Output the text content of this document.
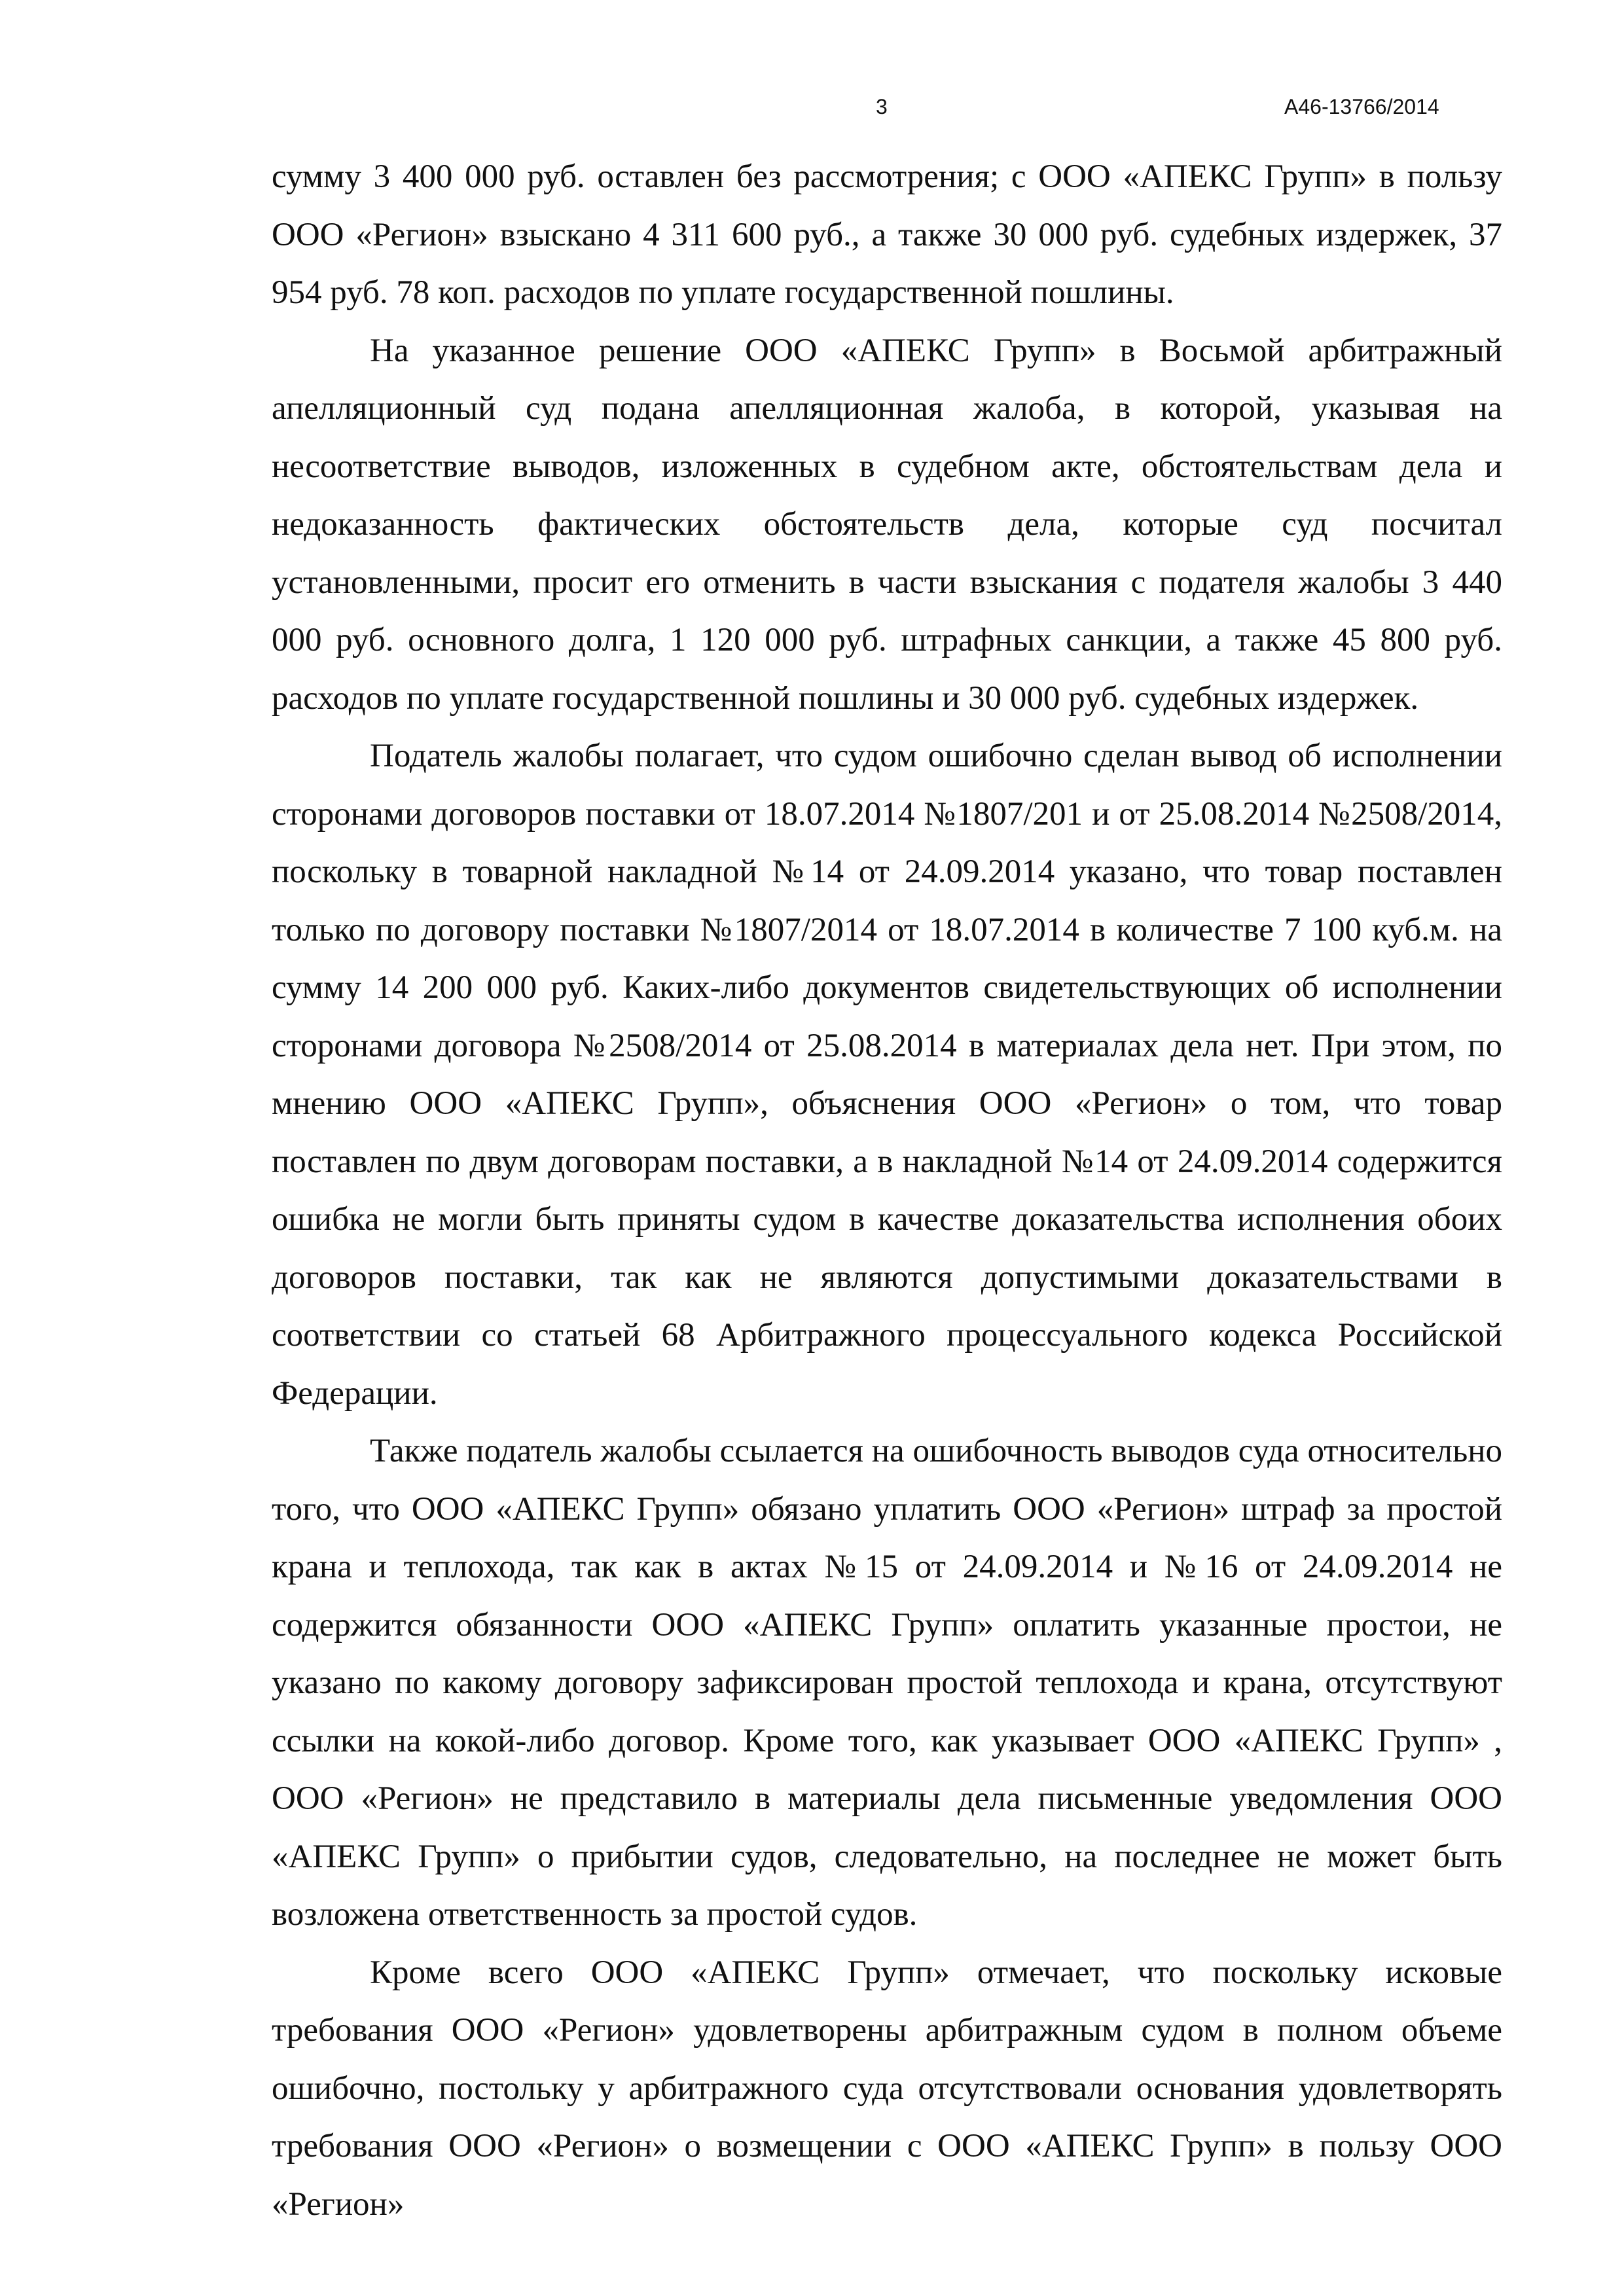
3	А46-13766/2014

сумму 3 400 000 руб. оставлен без рассмотрения; с ООО «АПЕКС Групп» в пользу ООО «Регион» взыскано 4 311 600 руб., а также 30 000 руб. судебных издержек, 37 954 руб. 78 коп. расходов по уплате государственной пошлины.

На указанное решение ООО «АПЕКС Групп» в Восьмой арбитражный апелляционный суд подана апелляционная жалоба, в которой, указывая на несоответствие выводов, изложенных в судебном акте, обстоятельствам дела и недоказанность фактических обстоятельств дела, которые суд посчитал установленными, просит его отменить в части взыскания с подателя жалобы 3 440 000 руб. основного долга, 1 120 000 руб. штрафных санкции, а также 45 800 руб. расходов по уплате государственной пошлины и 30 000 руб. судебных издержек.

Податель жалобы полагает, что судом ошибочно сделан вывод об исполнении сторонами договоров поставки от 18.07.2014 №1807/201 и от 25.08.2014 №2508/2014, поскольку в товарной накладной №14 от 24.09.2014 указано, что товар поставлен только по договору поставки №1807/2014 от 18.07.2014 в количестве 7 100 куб.м. на сумму 14 200 000 руб. Каких-либо документов свидетельствующих об исполнении сторонами договора №2508/2014 от 25.08.2014 в материалах дела нет. При этом, по мнению ООО «АПЕКС Групп», объяснения ООО «Регион» о том, что товар поставлен по двум договорам поставки, а в накладной №14 от 24.09.2014 содержится ошибка не могли быть приняты судом в качестве доказательства исполнения обоих договоров поставки, так как не являются допустимыми доказательствами в соответствии со статьей 68 Арбитражного процессуального кодекса Российской Федерации.

Также податель жалобы ссылается на ошибочность выводов суда относительно того, что ООО «АПЕКС Групп» обязано уплатить ООО «Регион» штраф за простой крана и теплохода, так как в актах №15 от 24.09.2014 и №16 от 24.09.2014 не содержится обязанности ООО «АПЕКС Групп» оплатить указанные простои, не указано по какому договору зафиксирован простой теплохода и крана, отсутствуют ссылки на кокой-либо договор. Кроме того, как указывает ООО «АПЕКС Групп» , ООО «Регион» не представило в материалы дела письменные уведомления ООО «АПЕКС Групп» о прибытии судов, следовательно, на последнее не может быть возложена ответственность за простой судов.

Кроме всего ООО «АПЕКС Групп» отмечает, что поскольку исковые требования ООО «Регион» удовлетворены арбитражным судом в полном объеме ошибочно, постольку у арбитражного суда отсутствовали основания удовлетворять требования ООО «Регион» о возмещении с ООО «АПЕКС Групп» в пользу ООО «Регион»
